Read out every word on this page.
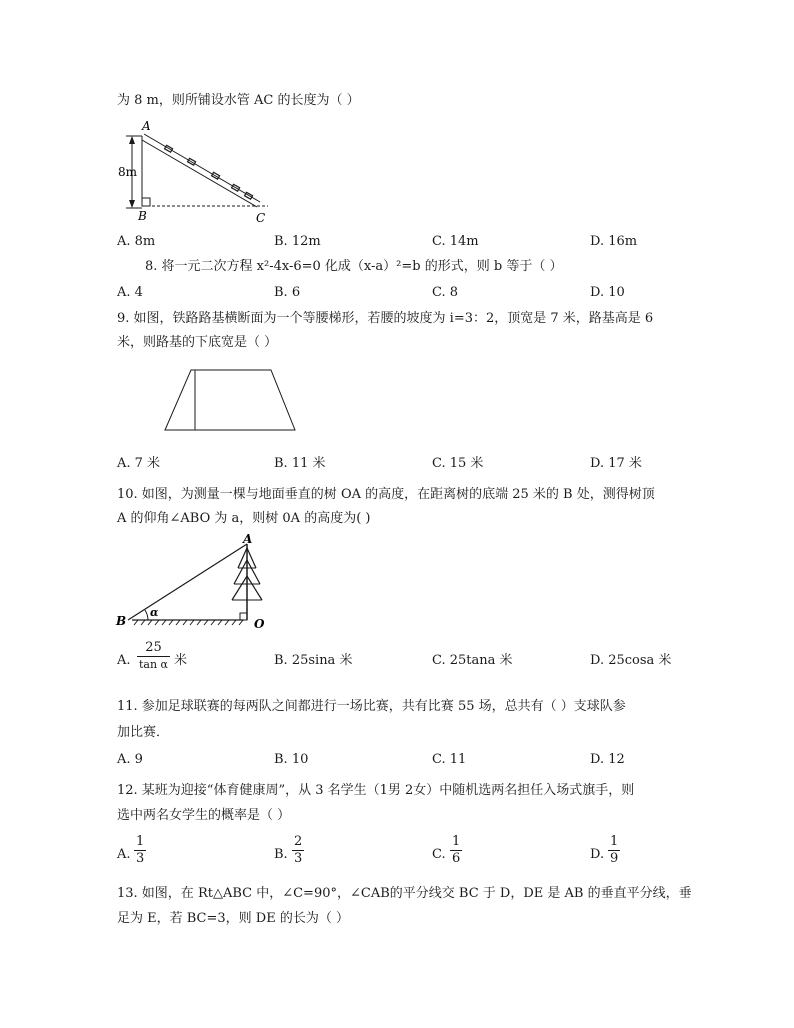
为 8 m，则所铺设水管 AC 的长度为（ ）
A
8m
B	C
A. 8m	B. 12m	C. 14m	D. 16m
8. 将一元二次方程 x²-4x-6=0 化成（x-a）²=b 的形式，则 b 等于（ ）
A. 4	B. 6	C. 8	D. 10
9. 如图，铁路路基横断面为一个等腰梯形，若腰的坡度为 i=3：2，顶宽是 7 米，路基高是 6
米，则路基的下底宽是（ ）
A. 7 米	B. 11 米	C. 15 米	D. 17 米
10. 如图，为测量一棵与地面垂直的树 OA 的高度，在距离树的底端 25 米的 B 处，测得树顶
A 的仰角∠ABO 为 a，则树 0A 的高度为( )
A
B	O
α
A.
25
tan α 米	B. 25sina 米	C. 25tana 米	D. 25cosa 米
11. 参加足球联赛的每两队之间都进行一场比赛，共有比赛 55 场，总共有（ ）支球队参
加比赛．
A. 9	B. 10	C. 11	D. 12
12. 某班为迎接“体育健康周”，从 3 名学生（1男 2女）中随机选两名担任入场式旗手，则
选中两名女学生的概率是（ ）
A.
1
3	B.
2
3	C.
1
6	D.
1
9
13. 如图，在 Rt△ABC 中，∠C=90°，∠CAB的平分线交 BC 于 D，DE 是 AB 的垂直平分线，垂
足为 E，若 BC=3，则 DE 的长为（ ）
